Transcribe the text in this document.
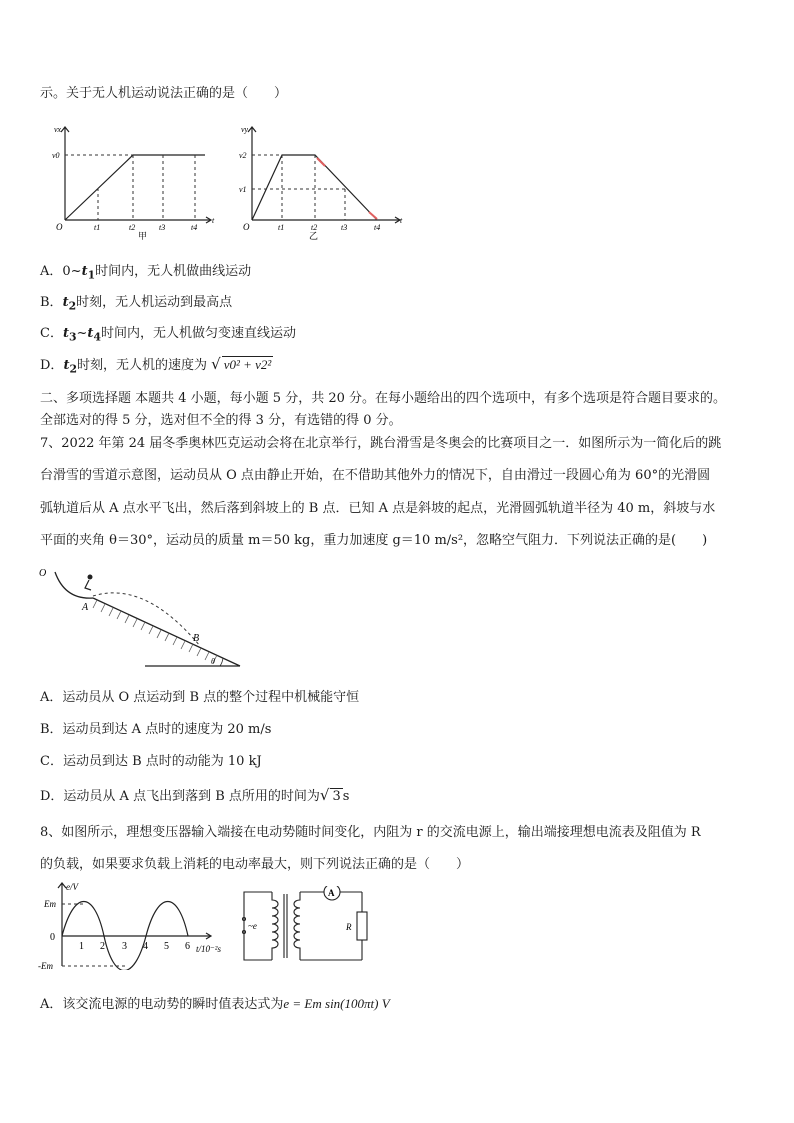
示。关于无人机运动说法正确的是（　　）
vx
v0
O	t1	t2	t3	t4
t
甲
vy
v2
v1
O	t1	t2	t3	t4
t
乙
A．$0\sim t_1$时间内，无人机做曲线运动
B．$t_2$时刻，无人机运动到最高点
C．$t_3\sim t_4$时间内，无人机做匀变速直线运动
D．$t_2$时刻，无人机的速度为 √ v0² + v2²
二、多项选择题 本题共 4 小题，每小题 5 分，共 20 分。在每小题给出的四个选项中，有多个选项是符合题目要求的。
全部选对的得 5 分，选对但不全的得 3 分，有选错的得 0 分。
7、2022 年第 24 届冬季奥林匹克运动会将在北京举行，跳台滑雪是冬奥会的比赛项目之一．如图所示为一简化后的跳
台滑雪的雪道示意图，运动员从 O 点由静止开始，在不借助其他外力的情况下，自由滑过一段圆心角为 60°的光滑圆
弧轨道后从 A 点水平飞出，然后落到斜坡上的 B 点．已知 A 点是斜坡的起点，光滑圆弧轨道半径为 40 m，斜坡与水
平面的夹角 θ＝30°，运动员的质量 m＝50 kg，重力加速度 g＝10 m/s²，忽略空气阻力．下列说法正确的是(　　)
O
A
B
θ
A．运动员从 O 点运动到 B 点的整个过程中机械能守恒
B．运动员到达 A 点时的速度为 20 m/s
C．运动员到达 B 点时的动能为 10 kJ
D．运动员从 A 点飞出到落到 B 点所用的时间为√ 3 s
8、如图所示，理想变压器输入端接在电动势随时间变化，内阻为 r 的交流电源上，输出端接理想电流表及阻值为 R
的负载，如果要求负载上消耗的电动率最大，则下列说法正确的是（　　）
e/V
Em
0
-Em
1 2 3 4 5 6 t/10⁻²s
~e
A
R
A．该交流电源的电动势的瞬时值表达式为e = Em sin(100πt) V
